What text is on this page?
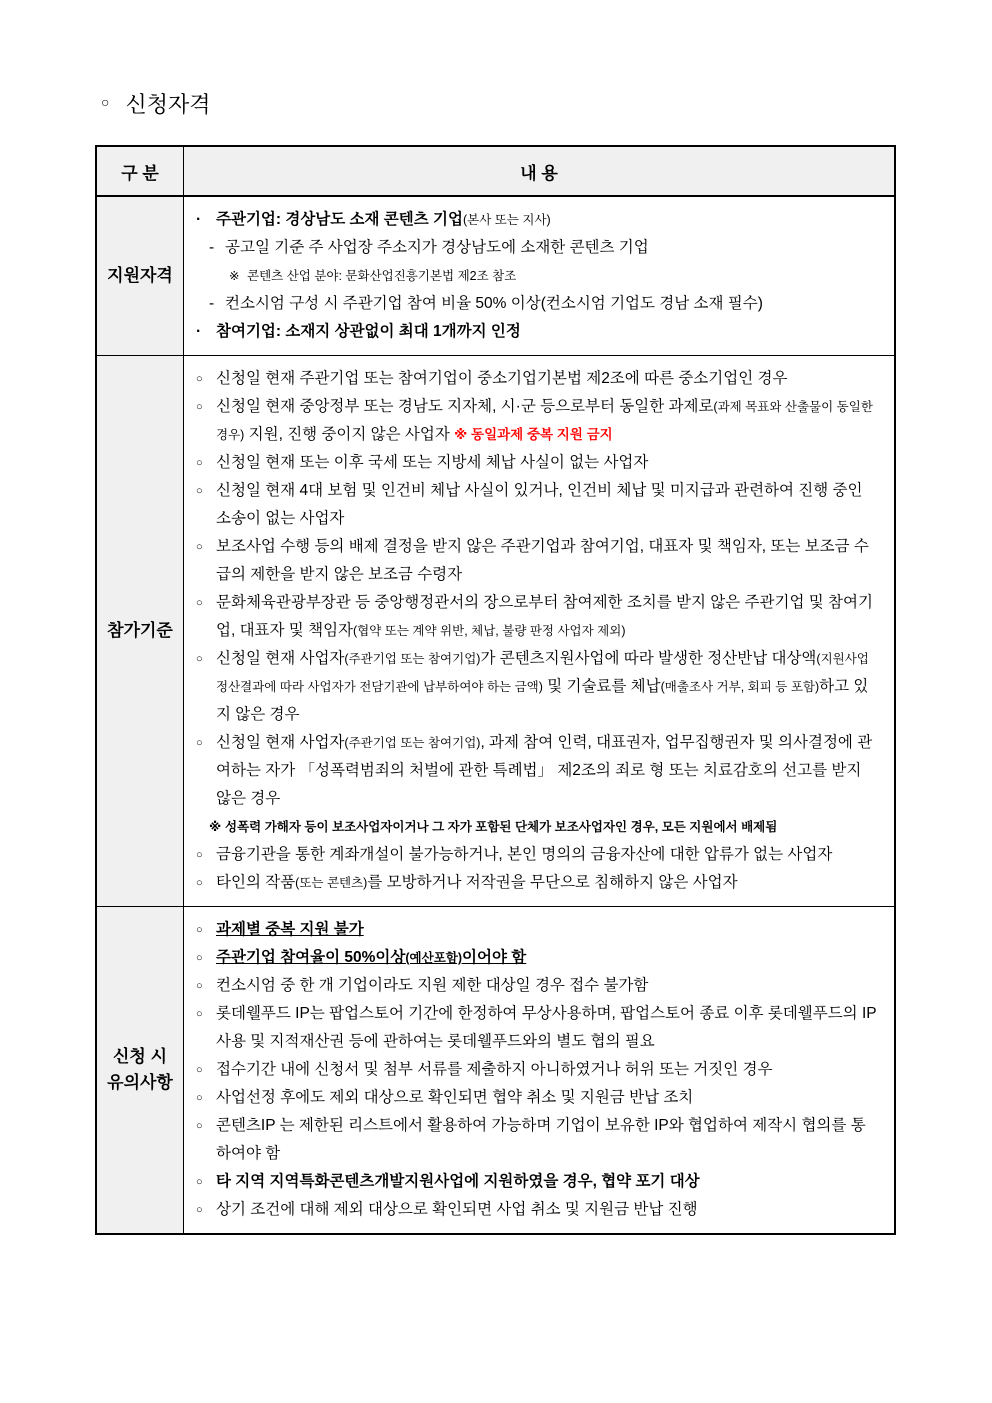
○ 신청자격
구 분	내 용
지원자격
· 주관기업: 경상남도 소재 콘텐츠 기업(본사 또는 지사)
- 공고일 기준 주 사업장 주소지가 경상남도에 소재한 콘텐츠 기업
※ 콘텐츠 산업 분야: 문화산업진흥기본법 제2조 참조
- 컨소시엄 구성 시 주관기업 참여 비율 50% 이상(컨소시엄 기업도 경남 소재 필수)
· 참여기업: 소재지 상관없이 최대 1개까지 인정
참가기준
○ 신청일 현재 주관기업 또는 참여기업이 중소기업기본법 제2조에 따른 중소기업인 경우
○ 신청일 현재 중앙정부 또는 경남도 지자체, 시·군 등으로부터 동일한 과제로(과제 목표와 산출물이 동일한 경우) 지원, 진행 중이지 않은 사업자 ※ 동일과제 중복 지원 금지
○ 신청일 현재 또는 이후 국세 또는 지방세 체납 사실이 없는 사업자
○ 신청일 현재 4대 보험 및 인건비 체납 사실이 있거나, 인건비 체납 및 미지급과 관련하여 진행 중인 소송이 없는 사업자
○ 보조사업 수행 등의 배제 결정을 받지 않은 주관기업과 참여기업, 대표자 및 책임자, 또는 보조금 수급의 제한을 받지 않은 보조금 수령자
○ 문화체육관광부장관 등 중앙행정관서의 장으로부터 참여제한 조치를 받지 않은 주관기업 및 참여기업, 대표자 및 책임자(협약 또는 계약 위반, 체납, 불량 판정 사업자 제외)
○ 신청일 현재 사업자(주관기업 또는 참여기업)가 콘텐츠지원사업에 따라 발생한 정산반납 대상액(지원사업 정산결과에 따라 사업자가 전담기관에 납부하여야 하는 금액) 및 기술료를 체납(매출조사 거부, 회피 등 포함)하고 있지 않은 경우
○ 신청일 현재 사업자(주관기업 또는 참여기업), 과제 참여 인력, 대표권자, 업무집행권자 및 의사결정에 관여하는 자가 「성폭력범죄의 처벌에 관한 특례법」 제2조의 죄로 형 또는 치료감호의 선고를 받지 않은 경우
※ 성폭력 가해자 등이 보조사업자이거나 그 자가 포함된 단체가 보조사업자인 경우, 모든 지원에서 배제됨
○ 금융기관을 통한 계좌개설이 불가능하거나, 본인 명의의 금융자산에 대한 압류가 없는 사업자
○ 타인의 작품(또는 콘텐츠)를 모방하거나 저작권을 무단으로 침해하지 않은 사업자
신청 시 유의사항
○ 과제별 중복 지원 불가
○ 주관기업 참여율이 50%이상(예산포함)이어야 함
○ 컨소시엄 중 한 개 기업이라도 지원 제한 대상일 경우 접수 불가함
○ 롯데웰푸드 IP는 팝업스토어 기간에 한정하여 무상사용하며, 팝업스토어 종료 이후 롯데웰푸드의 IP 사용 및 지적재산권 등에 관하여는 롯데웰푸드와의 별도 협의 필요
○ 접수기간 내에 신청서 및 첨부 서류를 제출하지 아니하였거나 허위 또는 거짓인 경우
○ 사업선정 후에도 제외 대상으로 확인되면 협약 취소 및 지원금 반납 조치
○ 콘텐츠IP 는 제한된 리스트에서 활용하여 가능하며 기업이 보유한 IP와 협업하여 제작시 협의를 통하여야 함
○ 타 지역 지역특화콘텐츠개발지원사업에 지원하였을 경우, 협약 포기 대상
○ 상기 조건에 대해 제외 대상으로 확인되면 사업 취소 및 지원금 반납 진행
